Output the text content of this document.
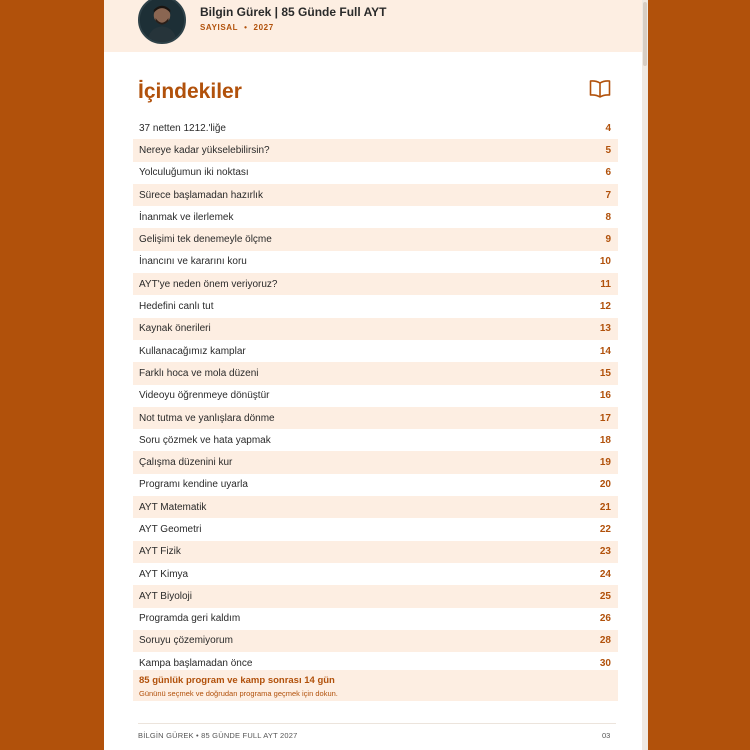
Bilgin Gürek | 85 Günde Full AYT
SAYISAL • 2027
İçindekiler
37 netten 1212.'liğe	4
Nereye kadar yükselebilirsin?	5
Yolculuğumun iki noktası	6
Sürece başlamadan hazırlık	7
İnanmak ve ilerlemek	8
Gelişimi tek denemeyle ölçme	9
İnancını ve kararını koru	10
AYT'ye neden önem veriyoruz?	11
Hedefini canlı tut	12
Kaynak önerileri	13
Kullanacağımız kamplar	14
Farklı hoca ve mola düzeni	15
Videoyu öğrenmeye dönüştür	16
Not tutma ve yanlışlara dönme	17
Soru çözmek ve hata yapmak	18
Çalışma düzenini kur	19
Programı kendine uyarla	20
AYT Matematik	21
AYT Geometri	22
AYT Fizik	23
AYT Kimya	24
AYT Biyoloji	25
Programda geri kaldım	26
Soruyu çözemiyorum	28
Kampa başlamadan önce	30
85 günlük program ve kamp sonrası 14 gün
Gününü seçmek ve doğrudan programa geçmek için dokun.
BİLGİN GÜREK • 85 GÜNDE FULL AYT 2027	03
